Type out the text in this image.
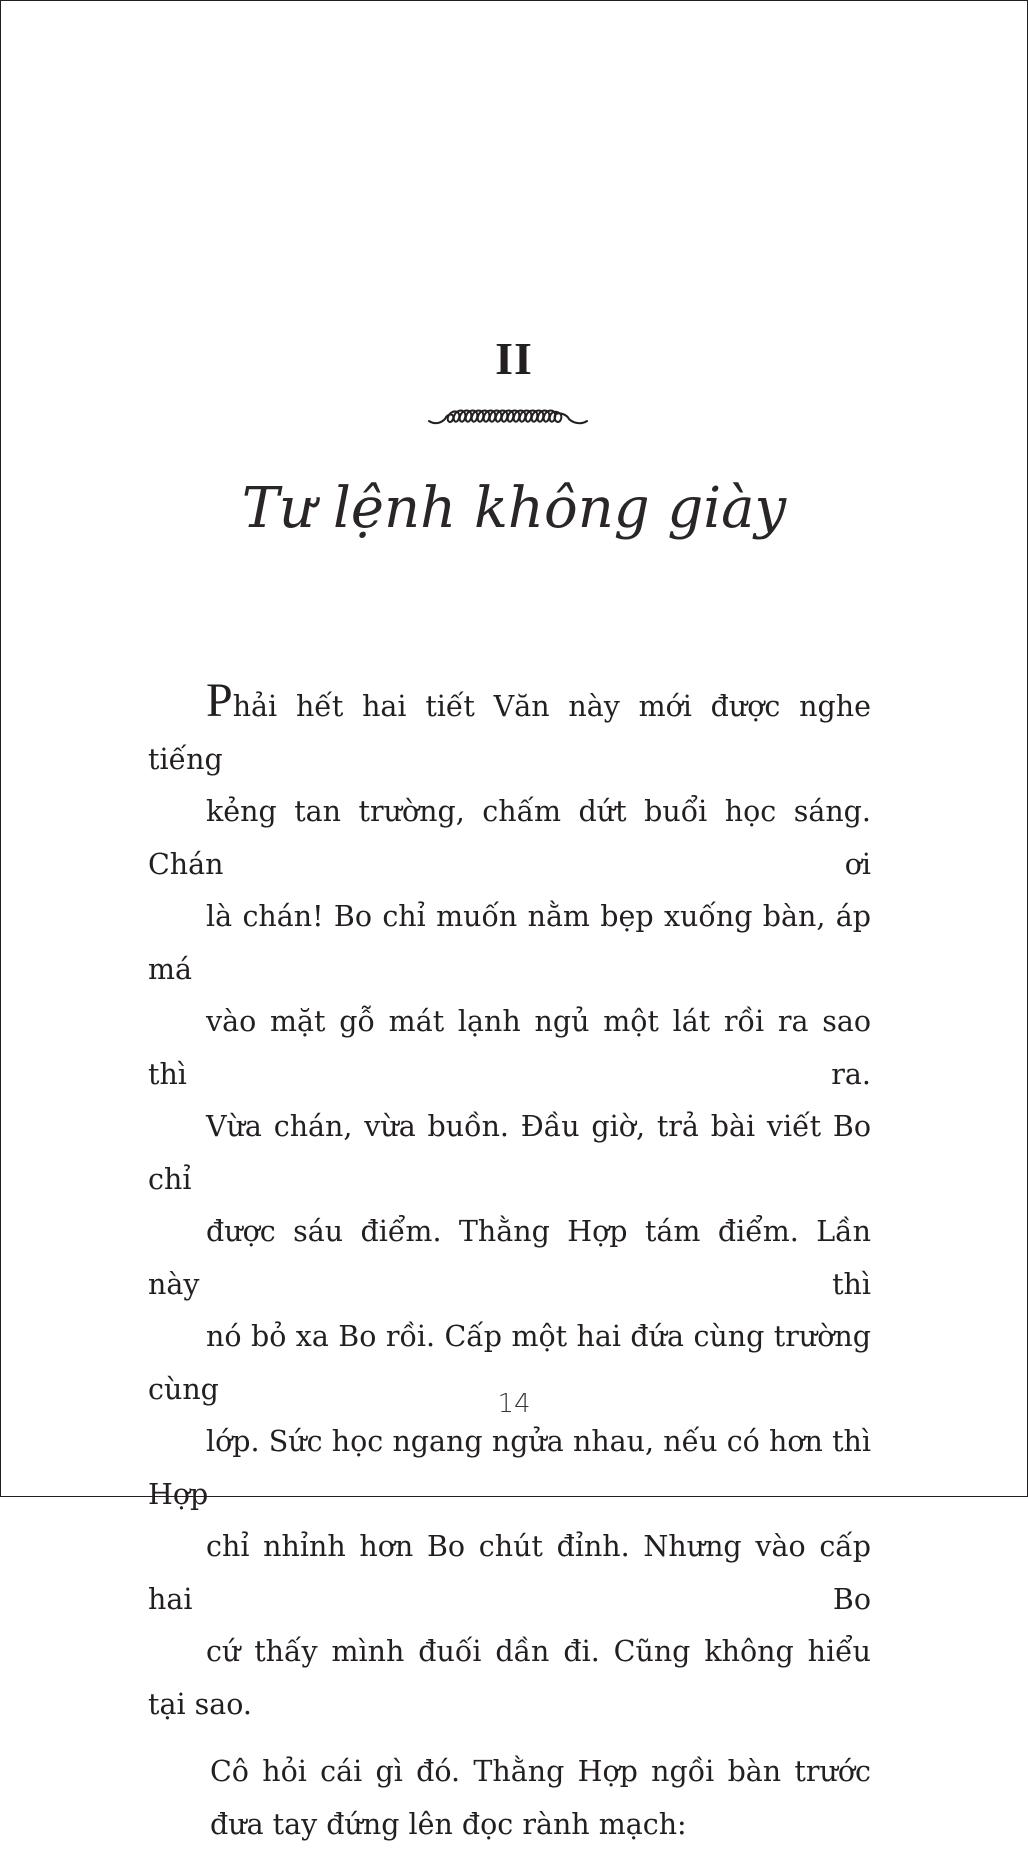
II
Tư lệnh không giày

Phải hết hai tiết Văn này mới được nghe tiếng
kẻng tan trường, chấm dứt buổi học sáng. Chán ơi
là chán! Bo chỉ muốn nằm bẹp xuống bàn, áp má
vào mặt gỗ mát lạnh ngủ một lát rồi ra sao thì ra.
Vừa chán, vừa buồn. Đầu giờ, trả bài viết Bo chỉ
được sáu điểm. Thằng Hợp tám điểm. Lần này thì
nó bỏ xa Bo rồi. Cấp một hai đứa cùng trường cùng
lớp. Sức học ngang ngửa nhau, nếu có hơn thì Hợp
chỉ nhỉnh hơn Bo chút đỉnh. Nhưng vào cấp hai Bo
cứ thấy mình đuối dần đi. Cũng không hiểu tại sao.

Cô hỏi cái gì đó. Thằng Hợp ngồi bàn trước
đưa tay đứng lên đọc rành mạch:

14
